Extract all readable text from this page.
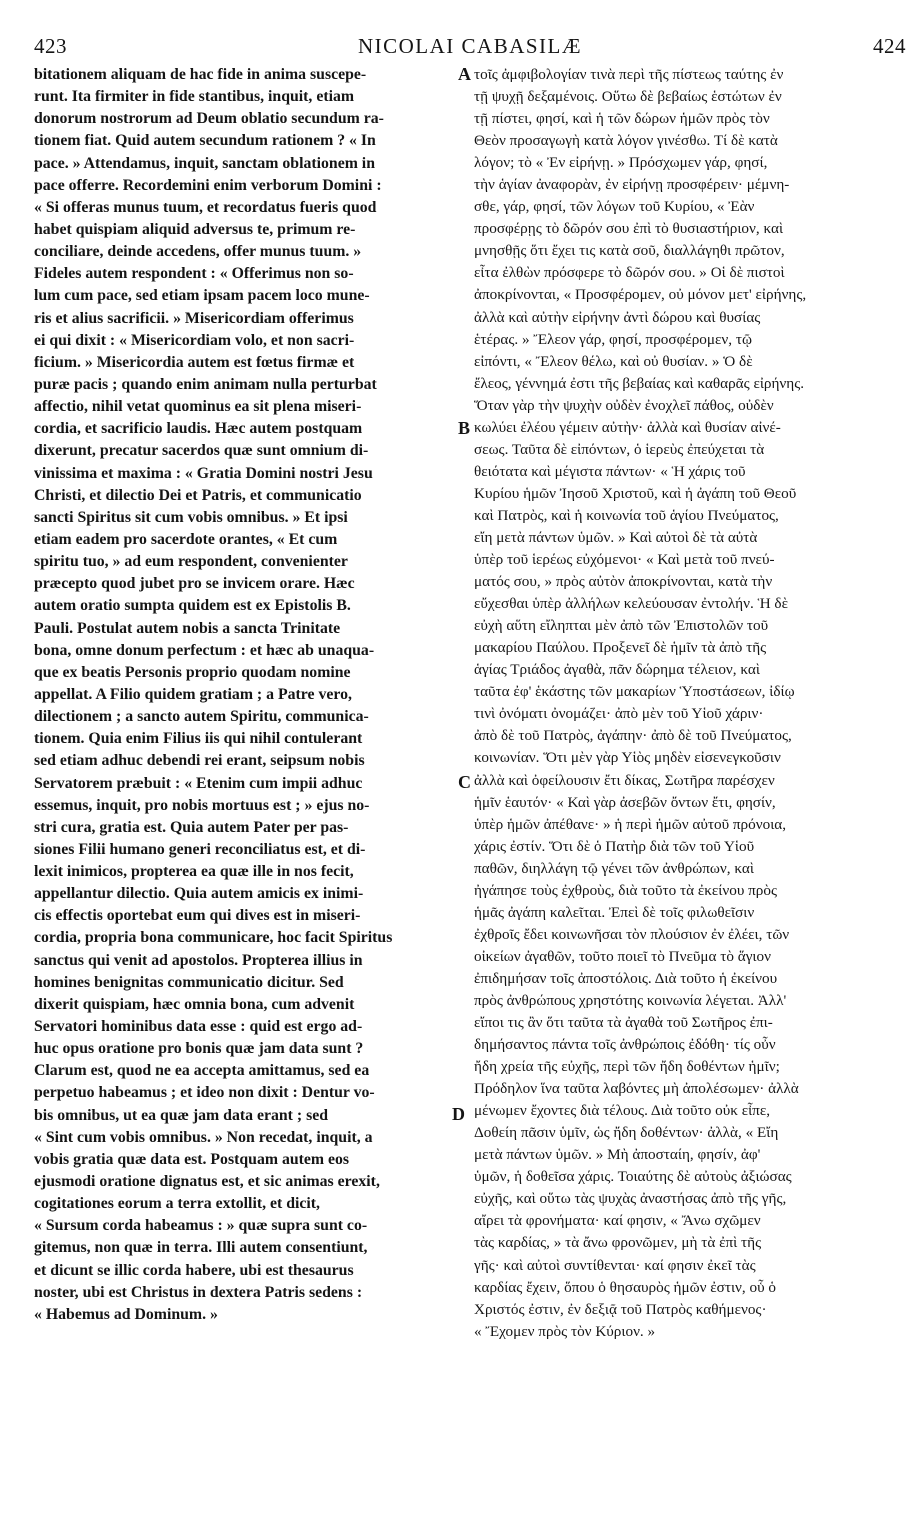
423	NICOLAI CABASILÆ	424
bitationem aliquam de hac fide in anima suscepe-
runt. Ita firmiter in fide stantibus, inquit, etiam
donorum nostrorum ad Deum oblatio secundum ra-
tionem fiat. Quid autem secundum rationem ? « In
pace. » Attendamus, inquit, sanctam oblationem in
pace offerre. Recordemini enim verborum Domini :
« Si offeras munus tuum, et recordatus fueris quod
habet quispiam aliquid adversus te, primum re-
conciliare, deinde accedens, offer munus tuum. »
Fideles autem respondent : « Offerimus non so-
lum cum pace, sed etiam ipsam pacem loco mune-
ris et alius sacrificii. » Misericordiam offerimus
ei qui dixit : « Misericordiam volo, et non sacri-
ficium. » Misericordia autem est fœtus firmæ et
puræ pacis ; quando enim animam nulla perturbat
affectio, nihil vetat quominus ea sit plena miseri-
cordia, et sacrificio laudis. Hæc autem postquam
dixerunt, precatur sacerdos quæ sunt omnium di-
vinissima et maxima : « Gratia Domini nostri Jesu
Christi, et dilectio Dei et Patris, et communicatio
sancti Spiritus sit cum vobis omnibus. » Et ipsi
etiam eadem pro sacerdote orantes, « Et cum
spiritu tuo, » ad eum respondent, convenienter
præcepto quod jubet pro se invicem orare. Hæc
autem oratio sumpta quidem est ex Epistolis B.
Pauli. Postulat autem nobis a sancta Trinitate
bona, omne donum perfectum : et hæc ab unaqua-
que ex beatis Personis proprio quodam nomine
appellat. A Filio quidem gratiam ; a Patre vero,
dilectionem ; a sancto autem Spiritu, communica-
tionem. Quia enim Filius iis qui nihil contulerant
sed etiam adhuc debendi rei erant, seipsum nobis
Servatorem præbuit : « Etenim cum impii adhuc
essemus, inquit, pro nobis mortuus est ; » ejus no-
stri cura, gratia est. Quia autem Pater per pas-
siones Filii humano generi reconciliatus est, et di-
lexit inimicos, propterea ea quæ ille in nos fecit,
appellantur dilectio. Quia autem amicis ex inimi-
cis effectis oportebat eum qui dives est in miseri-
cordia, propria bona communicare, hoc facit Spiritus
sanctus qui venit ad apostolos. Propterea illius in
homines benignitas communicatio dicitur. Sed
dixerit quispiam, hæc omnia bona, cum advenit
Servatori hominibus data esse : quid est ergo ad-
huc opus oratione pro bonis quæ jam data sunt ?
Clarum est, quod ne ea accepta amittamus, sed ea
perpetuo habeamus ; et ideo non dixit : Dentur vo-
bis omnibus, ut ea quæ jam data erant ; sed
« Sint cum vobis omnibus. » Non recedat, inquit, a
vobis gratia quæ data est. Postquam autem eos
ejusmodi oratione dignatus est, et sic animas erexit,
cogitationes eorum a terra extollit, et dicit,
« Sursum corda habeamus : » quæ supra sunt co-
gitemus, non quæ in terra. Illi autem consentiunt,
et dicunt se illic corda habere, ubi est thesaurus
noster, ubi est Christus in dextera Patris sedens :
« Habemus ad Dominum. »
A
B
C
D
τοῖς ἀμφιβολογίαν τινὰ περὶ τῆς πίστεως ταύτης ἐν
τῇ ψυχῇ δεξαμένοις. Οὕτω δὲ βεβαίως ἑστώτων ἐν
τῇ πίστει, φησί, καὶ ἡ τῶν δώρων ἡμῶν πρὸς τὸν
Θεὸν προσαγωγὴ κατὰ λόγον γινέσθω. Τί δὲ κατὰ
λόγον; τὸ « Ἐν εἰρήνῃ. » Πρόσχωμεν γάρ, φησί,
τὴν ἁγίαν ἀναφορὰν, ἐν εἰρήνῃ προσφέρειν· μέμνη-
σθε, γάρ, φησί, τῶν λόγων τοῦ Κυρίου, « Ἐὰν
προσφέρῃς τὸ δῶρόν σου ἐπὶ τὸ θυσιαστήριον, καὶ
μνησθῇς ὅτι ἔχει τις κατὰ σοῦ, διαλλάγηθι πρῶτον,
εἶτα ἐλθὼν πρόσφερε τὸ δῶρόν σου. » Οἱ δὲ πιστοὶ
ἀποκρίνονται, « Προσφέρομεν, οὐ μόνον μετ' εἰρήνης,
ἀλλὰ καὶ αὐτὴν εἰρήνην ἀντὶ δώρου καὶ θυσίας
ἑτέρας. » Ἔλεον γάρ, φησί, προσφέρομεν, τῷ
εἰπόντι, « Ἔλεον θέλω, καὶ οὐ θυσίαν. » Ὁ δὲ
ἔλεος, γέννημά ἐστι τῆς βεβαίας καὶ καθαρᾶς εἰρήνης.
Ὅταν γὰρ τὴν ψυχὴν οὐδὲν ἐνοχλεῖ πάθος, οὐδὲν
κωλύει ἐλέου γέμειν αὐτὴν· ἀλλὰ καὶ θυσίαν αἰνέ-
σεως. Ταῦτα δὲ εἰπόντων, ὁ ἱερεὺς ἐπεύχεται τὰ
θειότατα καὶ μέγιστα πάντων· « Ἡ χάρις τοῦ
Κυρίου ἡμῶν Ἰησοῦ Χριστοῦ, καὶ ἡ ἀγάπη τοῦ Θεοῦ
καὶ Πατρὸς, καὶ ἡ κοινωνία τοῦ ἁγίου Πνεύματος,
εἴη μετὰ πάντων ὑμῶν. » Καὶ αὐτοὶ δὲ τὰ αὐτὰ
ὑπὲρ τοῦ ἱερέως εὐχόμενοι· « Καὶ μετὰ τοῦ πνεύ-
ματός σου, » πρὸς αὐτὸν ἀποκρίνονται, κατὰ τὴν
εὔχεσθαι ὑπὲρ ἀλλήλων κελεύουσαν ἐντολήν. Ἡ δὲ
εὐχὴ αὕτη εἴληπται μὲν ἀπὸ τῶν Ἐπιστολῶν τοῦ
μακαρίου Παύλου. Προξενεῖ δὲ ἡμῖν τὰ ἀπὸ τῆς
ἁγίας Τριάδος ἀγαθὰ, πᾶν δώρημα τέλειον, καὶ
ταῦτα ἐφ' ἑκάστης τῶν μακαρίων Ὑποστάσεων, ἰδίῳ
τινὶ ὀνόματι ὀνομάζει· ἀπὸ μὲν τοῦ Υἱοῦ χάριν·
ἀπὸ δὲ τοῦ Πατρὸς, ἀγάπην· ἀπὸ δὲ τοῦ Πνεύματος,
κοινωνίαν. Ὅτι μὲν γὰρ Υἱὸς μηδὲν εἰσενεγκοῦσιν
ἀλλὰ καὶ ὀφείλουσιν ἔτι δίκας, Σωτῆρα παρέσχεν
ἡμῖν ἑαυτόν· « Καὶ γὰρ ἀσεβῶν ὄντων ἔτι, φησίν,
ὑπὲρ ἡμῶν ἀπέθανε· » ἡ περὶ ἡμῶν αὐτοῦ πρόνοια,
χάρις ἐστίν. Ὅτι δὲ ὁ Πατὴρ διὰ τῶν τοῦ Υἱοῦ
παθῶν, διηλλάγη τῷ γένει τῶν ἀνθρώπων, καὶ
ἠγάπησε τοὺς ἐχθροὺς, διὰ τοῦτο τὰ ἐκείνου πρὸς
ἡμᾶς ἀγάπη καλεῖται. Ἐπεὶ δὲ τοῖς φιλωθεῖσιν
ἐχθροῖς ἔδει κοινωνῆσαι τὸν πλούσιον ἐν ἐλέει, τῶν
οἰκείων ἀγαθῶν, τοῦτο ποιεῖ τὸ Πνεῦμα τὸ ἅγιον
ἐπιδημήσαν τοῖς ἀποστόλοις. Διὰ τοῦτο ἡ ἐκείνου
πρὸς ἀνθρώπους χρηστότης κοινωνία λέγεται. Ἀλλ'
εἴποι τις ἂν ὅτι ταῦτα τὰ ἀγαθὰ τοῦ Σωτῆρος ἐπι-
δημήσαντος πάντα τοῖς ἀνθρώποις ἐδόθη· τίς οὖν
ἤδη χρεία τῆς εὐχῆς, περὶ τῶν ἤδη δοθέντων ἡμῖν;
Πρόδηλον ἵνα ταῦτα λαβόντες μὴ ἀπολέσωμεν· ἀλλὰ
μένωμεν ἔχοντες διὰ τέλους. Διὰ τοῦτο οὐκ εἶπε,
Δοθείη πᾶσιν ὑμῖν, ὡς ἤδη δοθέντων· ἀλλὰ, « Εἴη
μετὰ πάντων ὑμῶν. » Μὴ ἀποσταίη, φησίν, ἀφ'
ὑμῶν, ἡ δοθεῖσα χάρις. Τοιαύτης δὲ αὐτοὺς ἀξιώσας
εὐχῆς, καὶ οὕτω τὰς ψυχὰς ἀναστήσας ἀπὸ τῆς γῆς,
αἴρει τὰ φρονήματα· καί φησιν, « Ἄνω σχῶμεν
τὰς καρδίας, » τὰ ἄνω φρονῶμεν, μὴ τὰ ἐπὶ τῆς
γῆς· καὶ αὐτοὶ συντίθενται· καί φησιν ἐκεῖ τὰς
καρδίας ἔχειν, ὅπου ὁ θησαυρὸς ἡμῶν ἐστιν, οὗ ὁ
Χριστός ἐστιν, ἐν δεξιᾷ τοῦ Πατρὸς καθήμενος·
« Ἔχομεν πρὸς τὸν Κύριον. »
